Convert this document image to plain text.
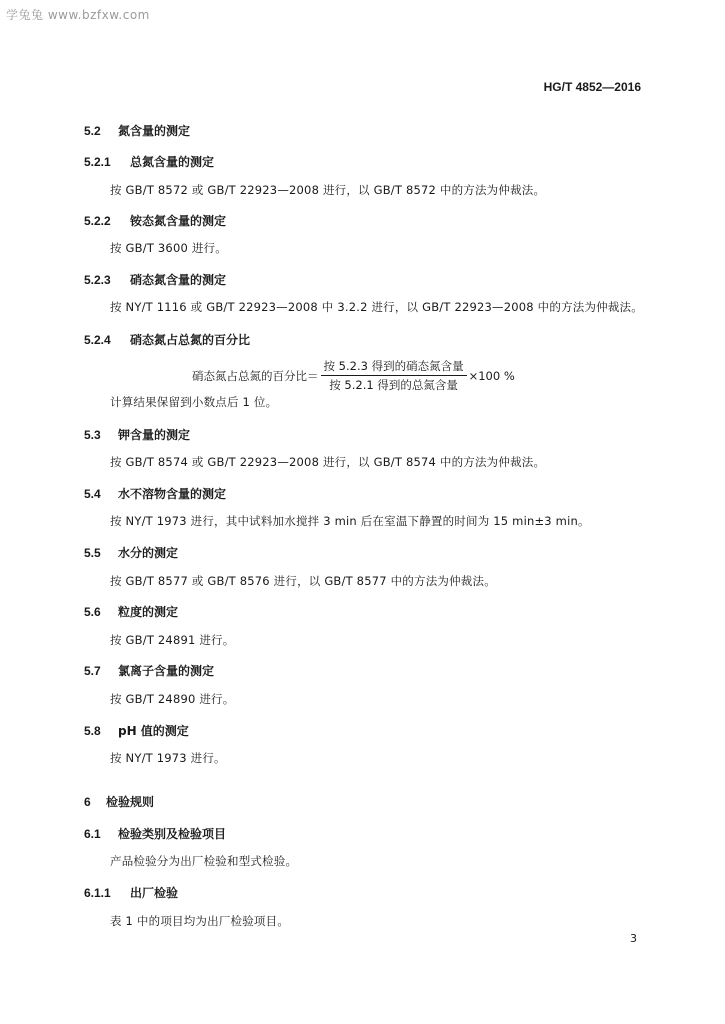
学兔兔 www.bzfxw.com
HG/T 4852—2016
5.2 氮含量的测定
5.2.1 总氮含量的测定
按 GB/T 8572 或 GB/T 22923—2008 进行，以 GB/T 8572 中的方法为仲裁法。
5.2.2 铵态氮含量的测定
按 GB/T 3600 进行。
5.2.3 硝态氮含量的测定
按 NY/T 1116 或 GB/T 22923—2008 中 3.2.2 进行，以 GB/T 22923—2008 中的方法为仲裁法。
5.2.4 硝态氮占总氮的百分比
硝态氮占总氮的百分比＝ $\frac{\text{按 5.2.3 得到的硝态氮含量}}{\text{按 5.2.1 得到的总氮含量}} \times 100$ %
计算结果保留到小数点后 1 位。
5.3 钾含量的测定
按 GB/T 8574 或 GB/T 22923—2008 进行，以 GB/T 8574 中的方法为仲裁法。
5.4 水不溶物含量的测定
按 NY/T 1973 进行，其中试料加水搅拌 3 min 后在室温下静置的时间为 15 min±3 min。
5.5 水分的测定
按 GB/T 8577 或 GB/T 8576 进行，以 GB/T 8577 中的方法为仲裁法。
5.6 粒度的测定
按 GB/T 24891 进行。
5.7 氯离子含量的测定
按 GB/T 24890 进行。
5.8 pH 值的测定
按 NY/T 1973 进行。
6 检验规则
6.1 检验类别及检验项目
产品检验分为出厂检验和型式检验。
6.1.1 出厂检验
表 1 中的项目均为出厂检验项目。
3
